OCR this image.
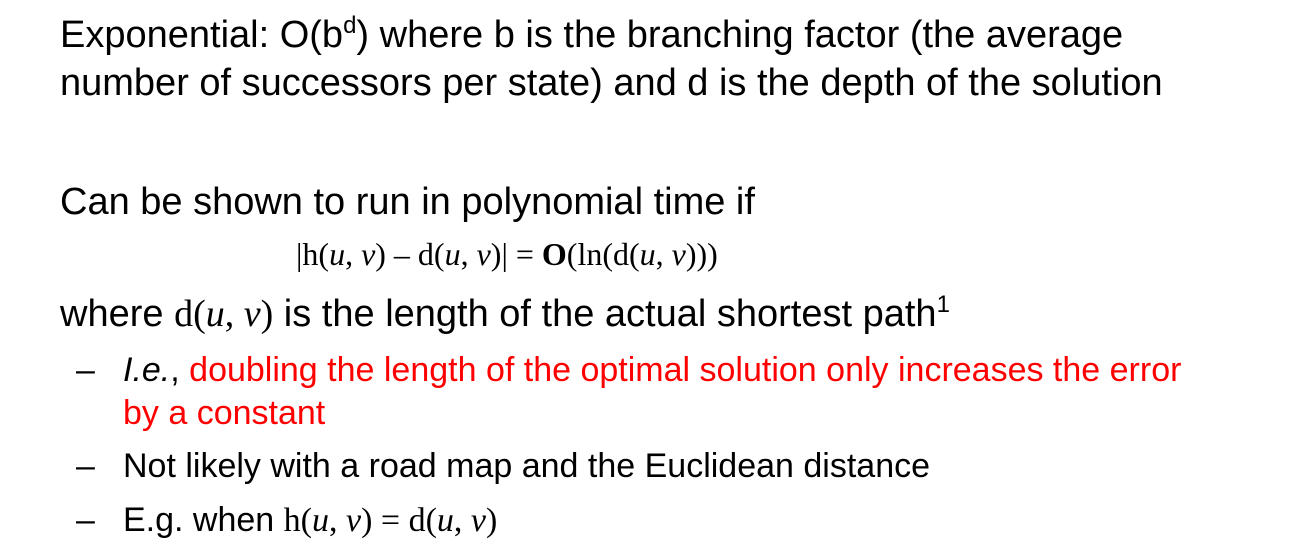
Exponential: $O(b^d)$ where b is the branching factor (the average
number of successors per state) and d is the depth of the solution
Can be shown to run in polynomial time if
|h(u, v) – d(u, v)| = O(ln(d(u, v)))
where d(u, v) is the length of the actual shortest path$^1$
– I.e., doubling the length of the optimal solution only increases the error
by a constant
– Not likely with a road map and the Euclidean distance
– E.g. when h(u, v) = d(u, v)
